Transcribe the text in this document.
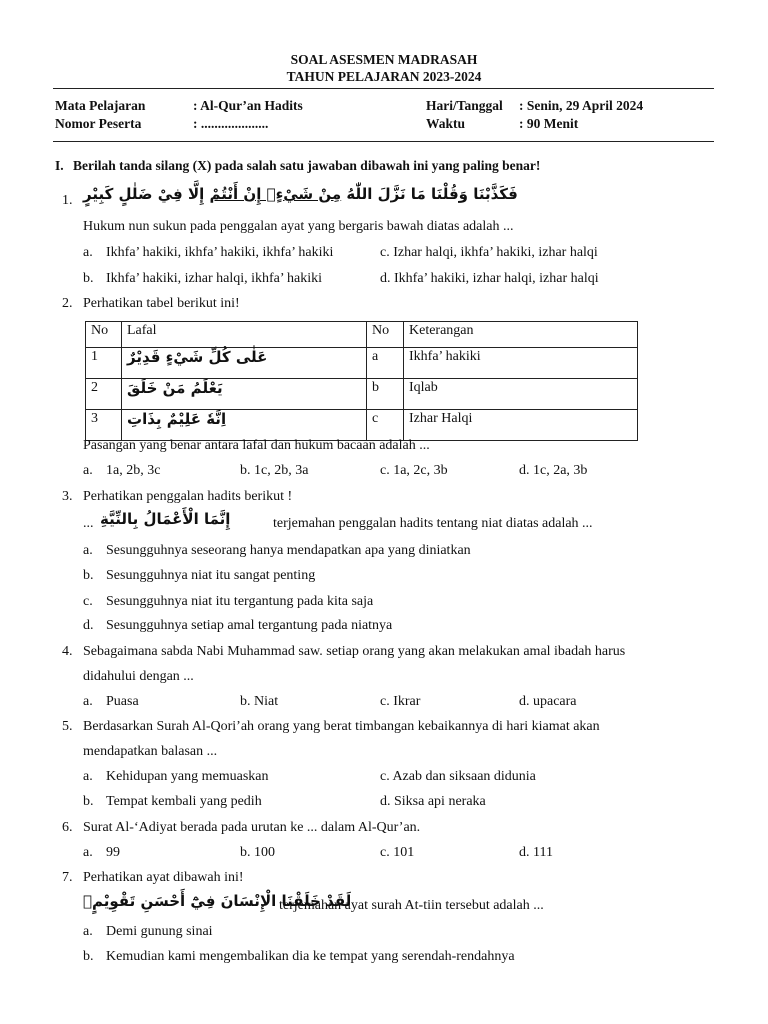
SOAL ASESMEN MADRASAH
TAHUN PELAJARAN 2023-2024
Mata Pelajaran	: Al-Qur’an Hadits	Hari/Tanggal : Senin, 29 April 2024
Nomor Peserta	: ....................	Waktu	: 90 Menit
I. Berilah tanda silang (X) pada salah satu jawaban dibawah ini yang paling benar!
1.	فَكَذَّبْنَا وَقُلْنَا مَا نَزَّلَ اللّٰهُ مِنْ شَيْءٍۖ إِنْ أَنْتُمْ إِلَّا فِيْ ضَلٰلٍ كَبِيْرٍ
Hukum nun sukun pada penggalan ayat yang bergaris bawah diatas adalah ...
a. Ikhfa’ hakiki, ikhfa’ hakiki, ikhfa’ hakiki	c. Izhar halqi, ikhfa’ hakiki, izhar halqi
b. Ikhfa’ hakiki, izhar halqi, ikhfa’ hakiki	d. Ikhfa’ hakiki, izhar halqi, izhar halqi
2. Perhatikan tabel berikut ini!
No	Lafal	No	Keterangan
1	عَلٰى كُلِّ شَيْءٍ قَدِيْرٌ	a	Ikhfa’ hakiki
2	يَعْلَمُ مَنْ خَلَقَ	b	Iqlab
3	اِنَّهٗ عَلِيْمٌ بِذَاتِ	c	Izhar Halqi
Pasangan yang benar antara lafal dan hukum bacaan adalah ...
a. 1a, 2b, 3c	b. 1c, 2b, 3a	c. 1a, 2c, 3b	d. 1c, 2a, 3b
3. Perhatikan penggalan hadits berikut !
... إِنَّمَا الْأَعْمَالُ بِالنِّيَّةِ	terjemahan penggalan hadits tentang niat diatas adalah ...
a. Sesungguhnya seseorang hanya mendapatkan apa yang diniatkan
b. Sesungguhnya niat itu sangat penting
c. Sesungguhnya niat itu tergantung pada kita saja
d. Sesungguhnya setiap amal tergantung pada niatnya
4. Sebagaimana sabda Nabi Muhammad saw. setiap orang yang akan melakukan amal ibadah harus
didahului dengan ...
a. Puasa	b. Niat	c. Ikrar	d. upacara
5. Berdasarkan Surah Al-Qori’ah orang yang berat timbangan kebaikannya di hari kiamat akan
mendapatkan balasan ...
a. Kehidupan yang memuaskan	c. Azab dan siksaan didunia
b. Tempat kembali yang pedih	d. Siksa api neraka
6. Surat Al-‘Adiyat berada pada urutan ke ... dalam Al-Qur’an.
a. 99	b. 100	c. 101	d. 111
7. Perhatikan ayat dibawah ini!
لَقَدْ خَلَقْنَا الْإِنْسَانَ فِيْٓ أَحْسَنِ تَقْوِيْمٍۖ
terjemahan ayat surah At-tiin tersebut adalah ...
a. Demi gunung sinai
b. Kemudian kami mengembalikan dia ke tempat yang serendah-rendahnya
